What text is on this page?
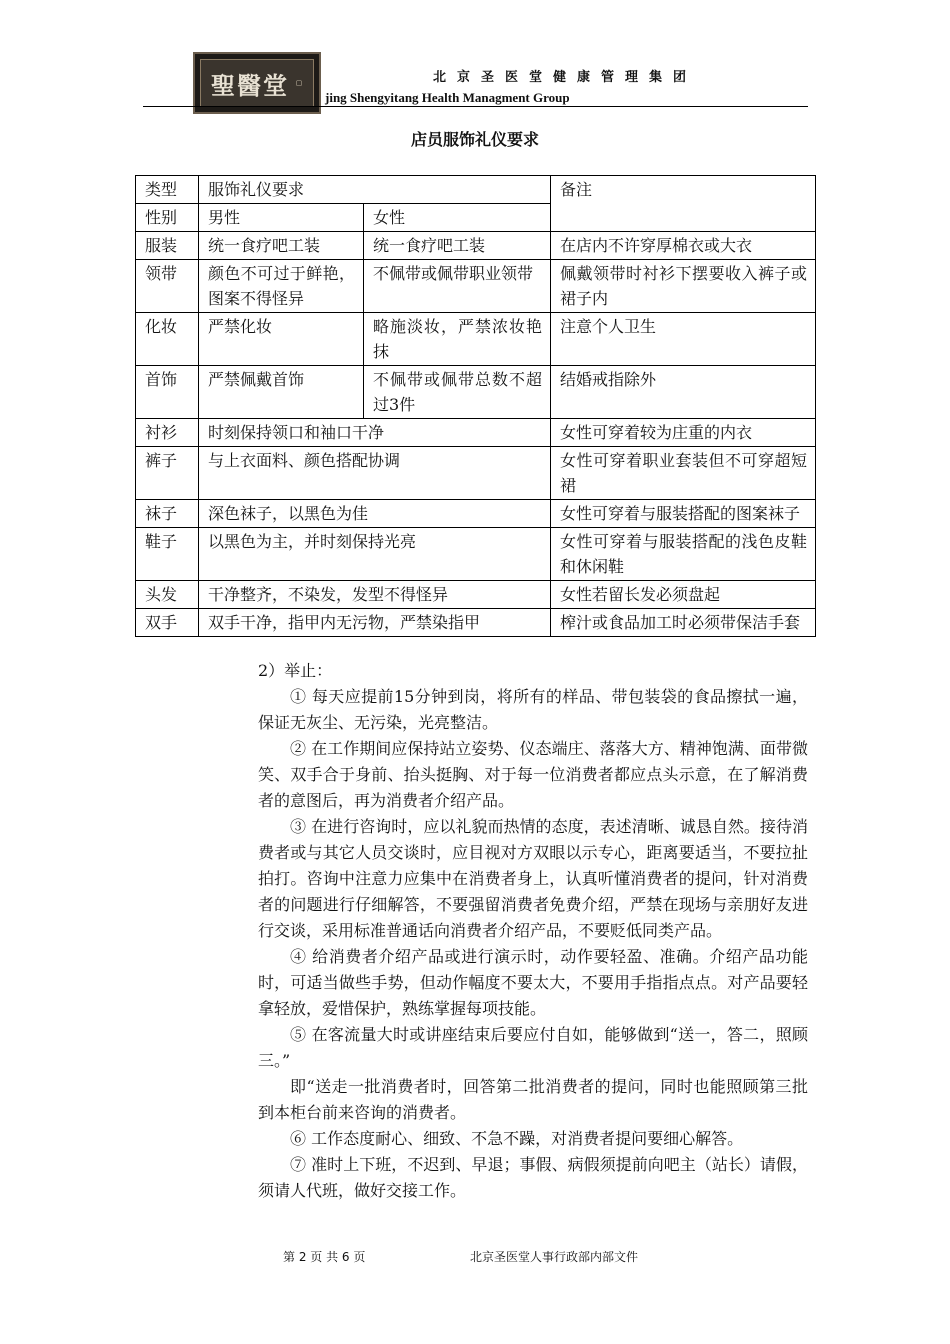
聖醫堂 ▢	北京圣医堂健康管理集团
jing Shengyitang Health Managment Group
店员服饰礼仪要求
类型	服饰礼仪要求		备注
性别	男性	女性	
服装	统一食疗吧工装	统一食疗吧工装	在店内不许穿厚棉衣或大衣
领带	颜色不可过于鲜艳，图案不得怪异	不佩带或佩带职业领带	佩戴领带时衬衫下摆要收入裤子或裙子内
化妆	严禁化妆	略施淡妆，严禁浓妆艳抹	注意个人卫生
首饰	严禁佩戴首饰	不佩带或佩带总数不超过3件	结婚戒指除外
衬衫	时刻保持领口和袖口干净		女性可穿着较为庄重的内衣
裤子	与上衣面料、颜色搭配协调		女性可穿着职业套装但不可穿超短裙
袜子	深色袜子，以黑色为佳		女性可穿着与服装搭配的图案袜子
鞋子	以黑色为主，并时刻保持光亮		女性可穿着与服装搭配的浅色皮鞋和休闲鞋
头发	干净整齐，不染发，发型不得怪异		女性若留长发必须盘起
双手	双手干净，指甲内无污物，严禁染指甲		榨汁或食品加工时必须带保洁手套

2）举止：

① 每天应提前15分钟到岗，将所有的样品、带包装袋的食品擦拭一遍，保证无灰尘、无污染，光亮整洁。

② 在工作期间应保持站立姿势、仪态端庄、落落大方、精神饱满、面带微笑、双手合于身前、抬头挺胸、对于每一位消费者都应点头示意，在了解消费者的意图后，再为消费者介绍产品。

③ 在进行咨询时，应以礼貌而热情的态度，表述清晰、诚恳自然。接待消费者或与其它人员交谈时，应目视对方双眼以示专心，距离要适当，不要拉扯拍打。咨询中注意力应集中在消费者身上，认真听懂消费者的提问，针对消费者的问题进行仔细解答，不要强留消费者免费介绍，严禁在现场与亲朋好友进行交谈，采用标准普通话向消费者介绍产品，不要贬低同类产品。

④ 给消费者介绍产品或进行演示时，动作要轻盈、准确。介绍产品功能时，可适当做些手势，但动作幅度不要太大，不要用手指指点点。对产品要轻拿轻放，爱惜保护，熟练掌握每项技能。

⑤ 在客流量大时或讲座结束后要应付自如，能够做到“送一，答二，照顾三。”

即“送走一批消费者时，回答第二批消费者的提问，同时也能照顾第三批到本柜台前来咨询的消费者。

⑥ 工作态度耐心、细致、不急不躁，对消费者提问要细心解答。

⑦ 准时上下班，不迟到、早退；事假、病假须提前向吧主（站长）请假，须请人代班，做好交接工作。

第 2 页 共 6 页	北京圣医堂人事行政部内部文件
